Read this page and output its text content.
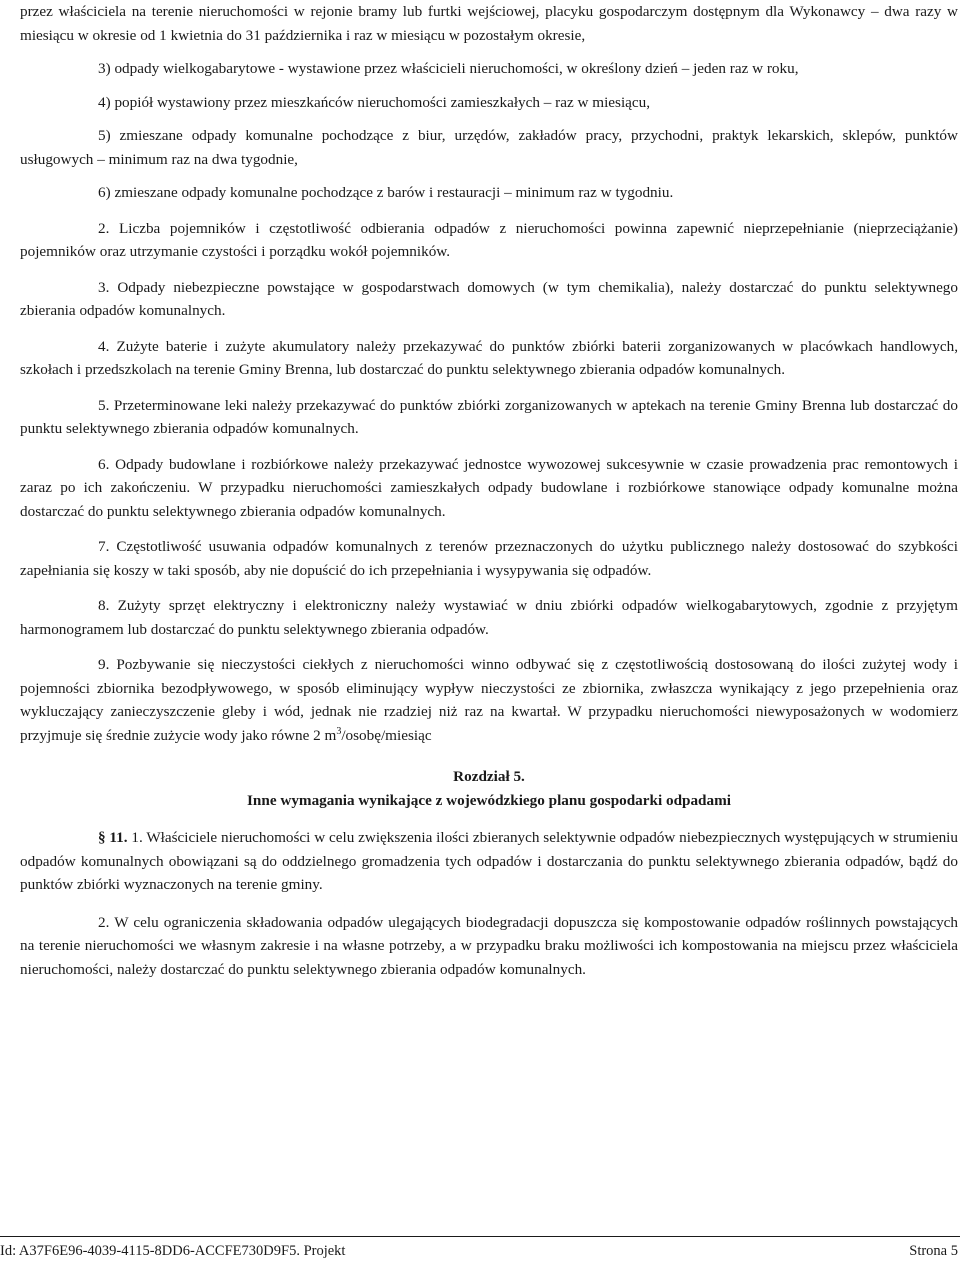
przez właściciela na terenie nieruchomości w rejonie bramy lub furtki wejściowej, placyku gospodarczym dostępnym dla Wykonawcy – dwa razy w miesiącu w okresie od 1 kwietnia do 31 października i raz w miesiącu w pozostałym okresie,

3) odpady wielkogabarytowe - wystawione przez właścicieli nieruchomości, w określony dzień – jeden raz w roku,

4) popiół wystawiony przez mieszkańców nieruchomości zamieszkałych – raz w miesiącu,

5) zmieszane odpady komunalne pochodzące z biur, urzędów, zakładów pracy, przychodni, praktyk lekarskich, sklepów, punktów usługowych – minimum raz na dwa tygodnie,

6) zmieszane odpady komunalne pochodzące z barów i restauracji – minimum raz w tygodniu.

2. Liczba pojemników i częstotliwość odbierania odpadów z nieruchomości powinna zapewnić nieprzepełnianie (nieprzeciążanie) pojemników oraz utrzymanie czystości i porządku wokół pojemników.

3. Odpady niebezpieczne powstające w gospodarstwach domowych (w tym chemikalia), należy dostarczać do punktu selektywnego zbierania odpadów komunalnych.

4. Zużyte baterie i zużyte akumulatory należy przekazywać do punktów zbiórki baterii zorganizowanych w placówkach handlowych, szkołach i przedszkolach na terenie Gminy Brenna, lub dostarczać do punktu selektywnego zbierania odpadów komunalnych.

5. Przeterminowane leki należy przekazywać do punktów zbiórki zorganizowanych w aptekach na terenie Gminy Brenna lub dostarczać do punktu selektywnego zbierania odpadów komunalnych.

6. Odpady budowlane i rozbiórkowe należy przekazywać jednostce wywozowej sukcesywnie w czasie prowadzenia prac remontowych i zaraz po ich zakończeniu. W przypadku nieruchomości zamieszkałych odpady budowlane i rozbiórkowe stanowiące odpady komunalne można dostarczać do punktu selektywnego zbierania odpadów komunalnych.

7. Częstotliwość usuwania odpadów komunalnych z terenów przeznaczonych do użytku publicznego należy dostosować do szybkości zapełniania się koszy w taki sposób, aby nie dopuścić do ich przepełniania i wysypywania się odpadów.

8. Zużyty sprzęt elektryczny i elektroniczny należy wystawiać w dniu zbiórki odpadów wielkogabarytowych, zgodnie z przyjętym harmonogramem lub dostarczać do punktu selektywnego zbierania odpadów.

9. Pozbywanie się nieczystości ciekłych z nieruchomości winno odbywać się z częstotliwością dostosowaną do ilości zużytej wody i pojemności zbiornika bezodpływowego, w sposób eliminujący wypływ nieczystości ze zbiornika, zwłaszcza wynikający z jego przepełnienia oraz wykluczający zanieczyszczenie gleby i wód, jednak nie rzadziej niż raz na kwartał. W przypadku nieruchomości niewyposażonych w wodomierz przyjmuje się średnie zużycie wody jako równe 2 $m^3/osobę$/miesiąc

Rozdział 5.
Inne wymagania wynikające z wojewódzkiego planu gospodarki odpadami

§ 11. 1. Właściciele nieruchomości w celu zwiększenia ilości zbieranych selektywnie odpadów niebezpiecznych występujących w strumieniu odpadów komunalnych obowiązani są do oddzielnego gromadzenia tych odpadów i dostarczania do punktu selektywnego zbierania odpadów, bądź do punktów zbiórki wyznaczonych na terenie gminy.

2. W celu ograniczenia składowania odpadów ulegających biodegradacji dopuszcza się kompostowanie odpadów roślinnych powstających na terenie nieruchomości we własnym zakresie i na własne potrzeby, a w przypadku braku możliwości ich kompostowania na miejscu przez właściciela nieruchomości, należy dostarczać do punktu selektywnego zbierania odpadów komunalnych.

Id: A37F6E96-4039-4115-8DD6-ACCFE730D9F5. Projekt	Strona 5
